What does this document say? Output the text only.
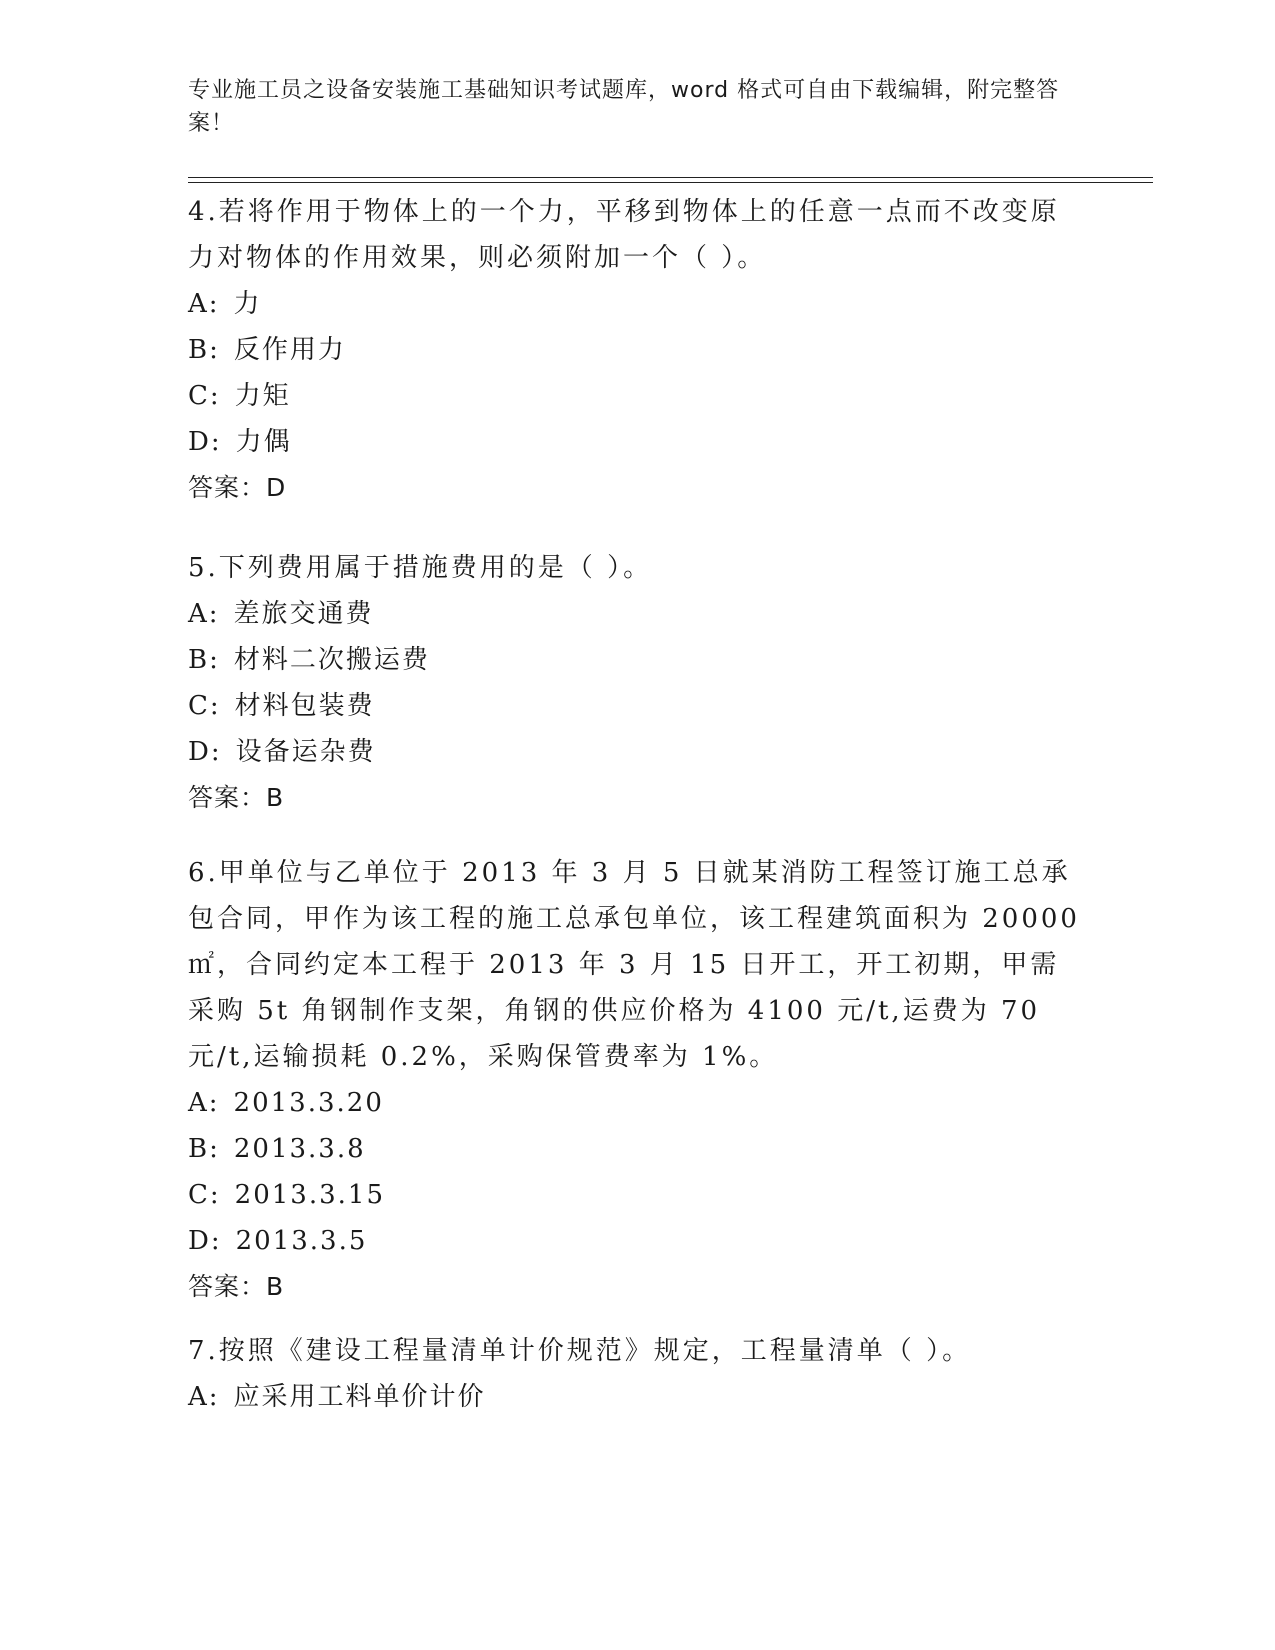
专业施工员之设备安装施工基础知识考试题库，word 格式可自由下载编辑，附完整答案！

4.若将作用于物体上的一个力，平移到物体上的任意一点而不改变原力对物体的作用效果，则必须附加一个（ ）。

A: 力

B: 反作用力

C: 力矩

D: 力偶

答案：D

5.下列费用属于措施费用的是（ ）。

A: 差旅交通费

B: 材料二次搬运费

C: 材料包装费

D: 设备运杂费

答案：B

6.甲单位与乙单位于 2013 年 3 月 5 日就某消防工程签订施工总承包合同，甲作为该工程的施工总承包单位，该工程建筑面积为 20000㎡，合同约定本工程于 2013 年 3 月 15 日开工，开工初期，甲需采购 5t 角钢制作支架，角钢的供应价格为 4100 元/t,运费为 70 元/t,运输损耗 0.2%，采购保管费率为 1%。

A: 2013.3.20

B: 2013.3.8

C: 2013.3.15

D: 2013.3.5

答案：B

7.按照《建设工程量清单计价规范》规定，工程量清单（ ）。

A: 应采用工料单价计价
